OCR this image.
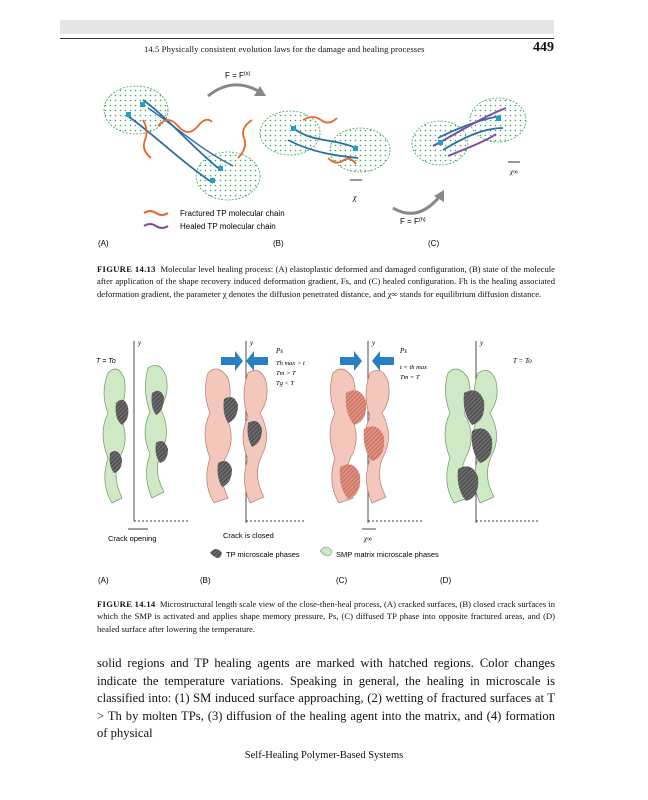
14.5 Physically consistent evolution laws for the damage and healing processes	449
$F = F^{(s)}$
χ
χ∞
$F = F^{(h)}$
Fractured TP molecular chain
Healed TP molecular chain
(A)	(B)	(C)
FIGURE 14.13 Molecular level healing process: (A) elastoplastic deformed and damaged configuration, (B) state of the molecule after application of the shape recovery induced deformation gradient, Fs, and (C) healed configuration. Fh is the healing associated deformation gradient, the parameter χ denotes the diffusion penetrated distance, and χ∞ stands for equilibrium diffusion distance.
y
T = To
Crack opening
y
Ps
Th max > t
Tm > T
Tg < T
Crack is closed
y
Ps
t = th max
Tm = T
χ∞
y
T = To
TP microscale phases	SMP matrix microscale phases
(A)	(B)	(C)	(D)
FIGURE 14.14 Microstructural length scale view of the close-then-heal process, (A) cracked surfaces, (B) closed crack surfaces in which the SMP is activated and applies shape memory pressure, Ps, (C) diffused TP phase into opposite fractured areas, and (D) healed surface after lowering the temperature.
solid regions and TP healing agents are marked with hatched regions. Color changes indicate the temperature variations. Speaking in general, the healing in microscale is classified into: (1) SM induced surface approaching, (2) wetting of fractured surfaces at T > Th by molten TPs, (3) diffusion of the healing agent into the matrix, and (4) formation of physical
Self-Healing Polymer-Based Systems
